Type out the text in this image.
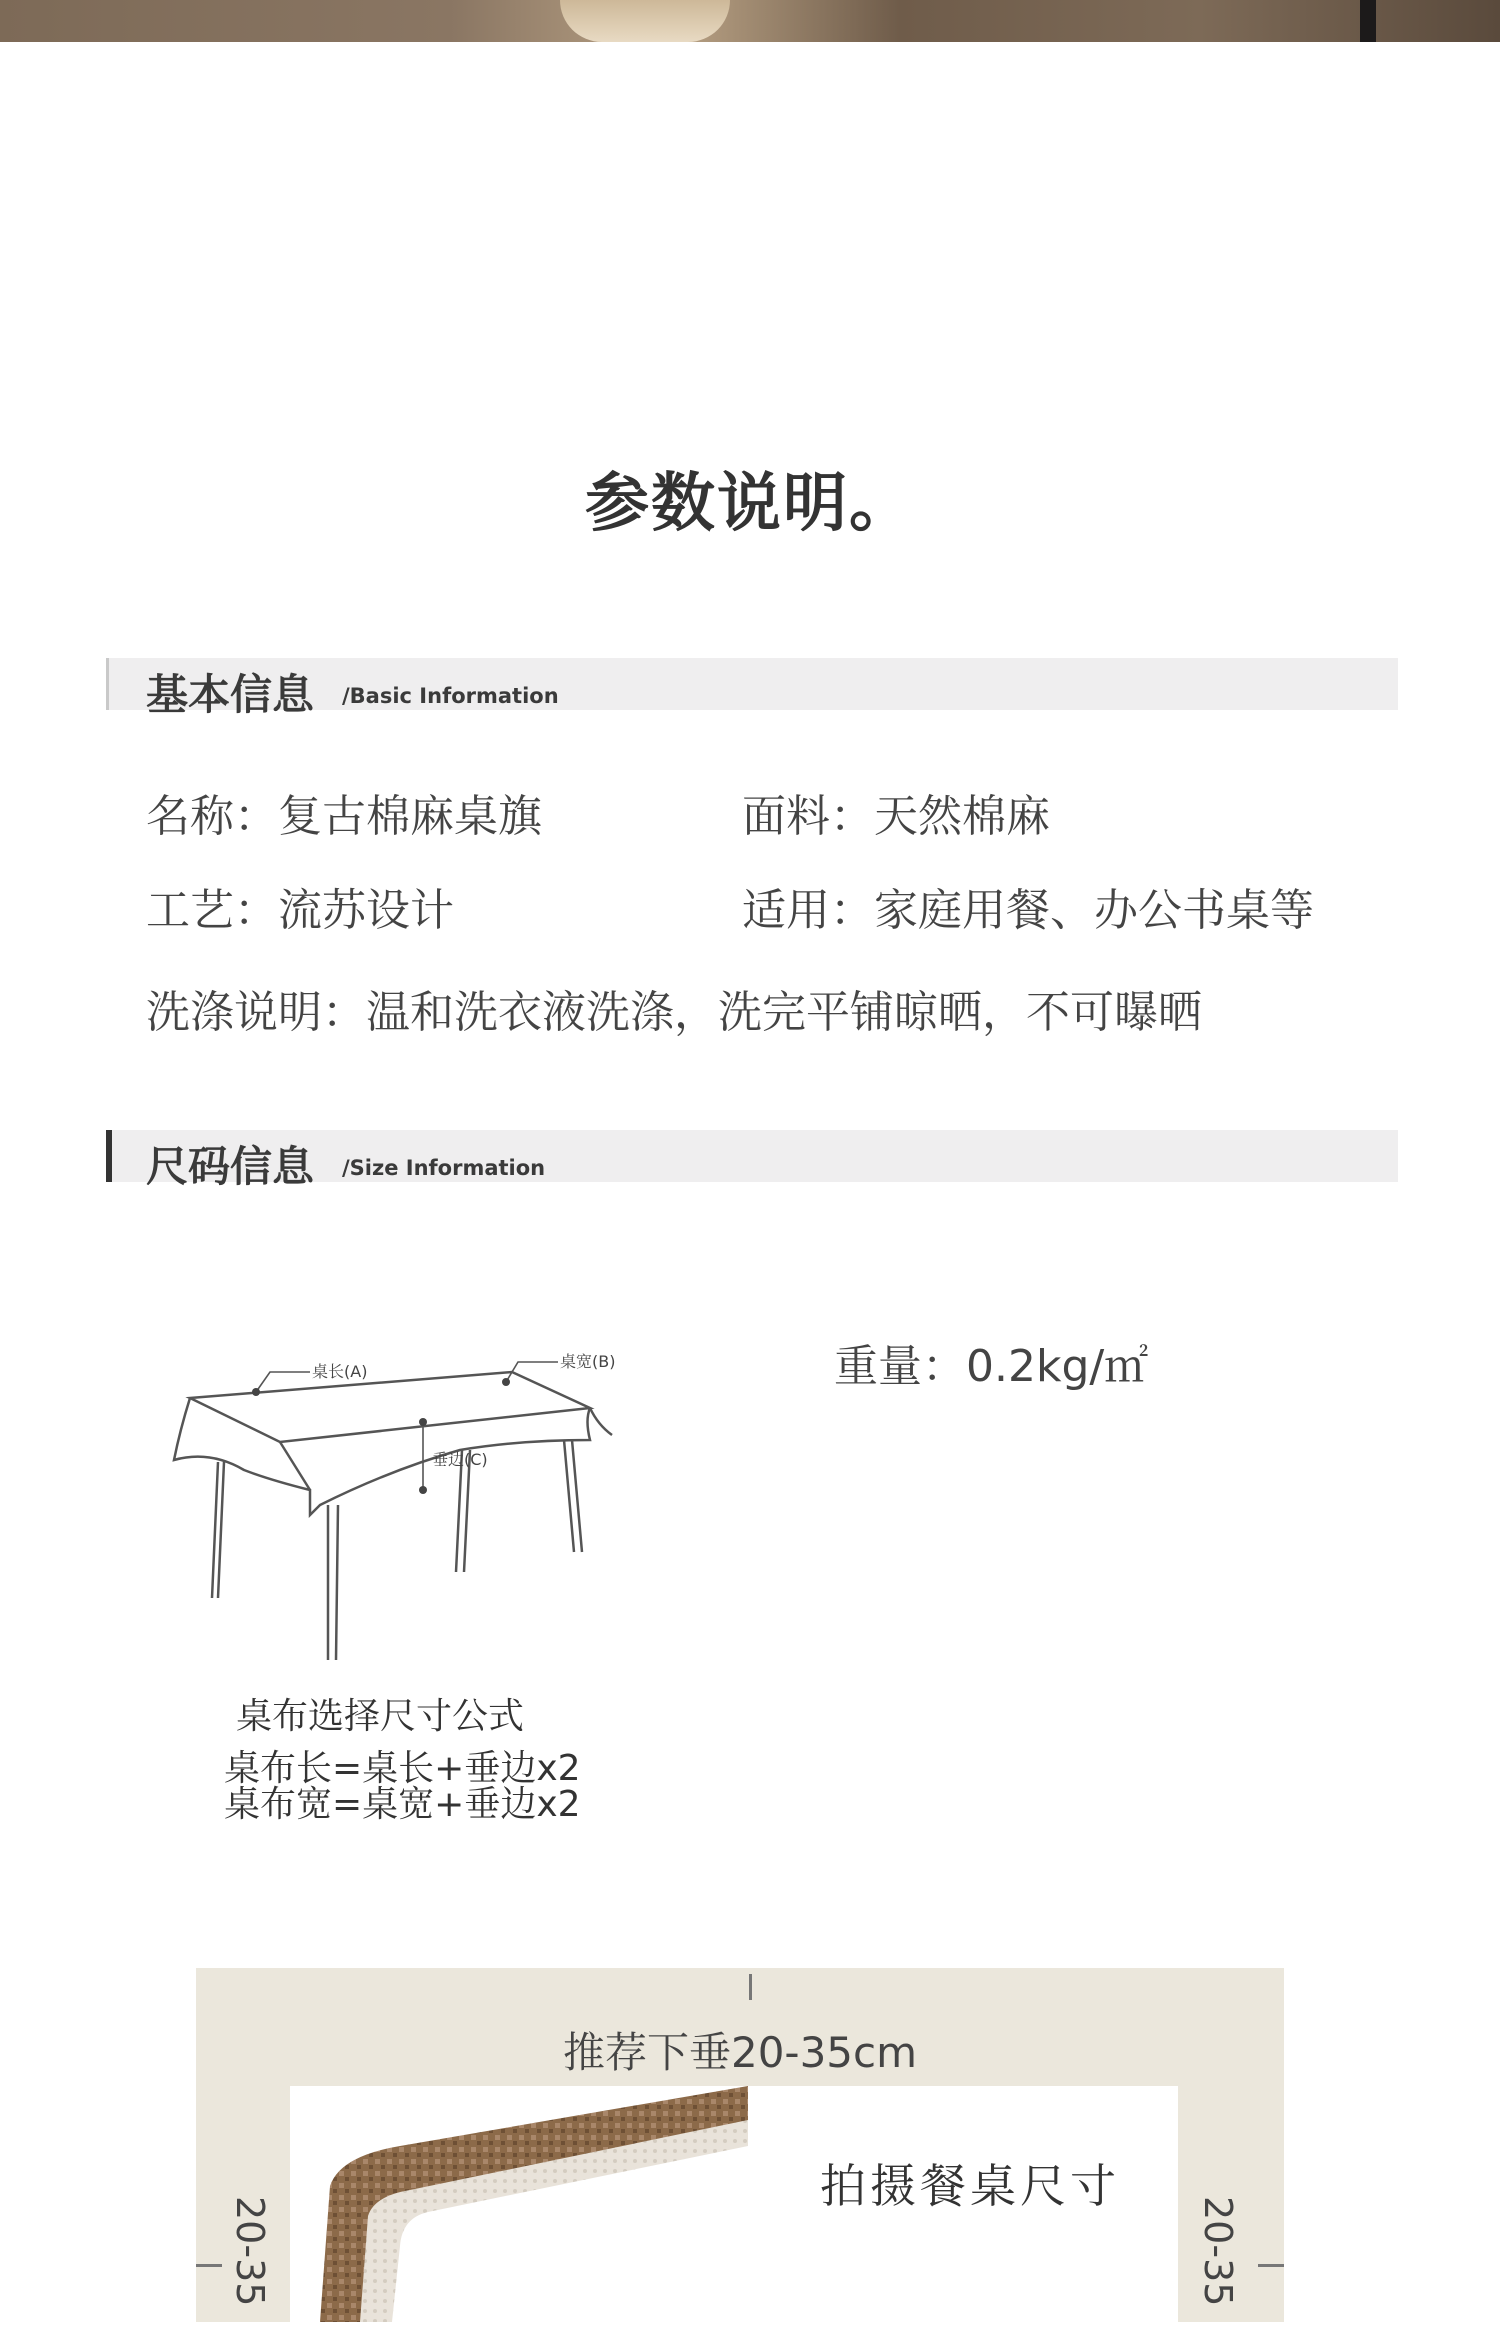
参数说明。
基本信息 /Basic Information
名称：复古棉麻桌旗	面料：天然棉麻
工艺：流苏设计	适用：家庭用餐、办公书桌等
洗涤说明：温和洗衣液洗涤，洗完平铺晾晒，不可曝晒
尺码信息 /Size Information
桌长(A)
桌宽(B)
垂边(C)
桌布选择尺寸公式
桌布长=桌长+垂边x2
桌布宽=桌宽+垂边x2
重量：0.2kg/㎡
推荐下垂20-35cm
20-35	20-35
拍摄餐桌尺寸
